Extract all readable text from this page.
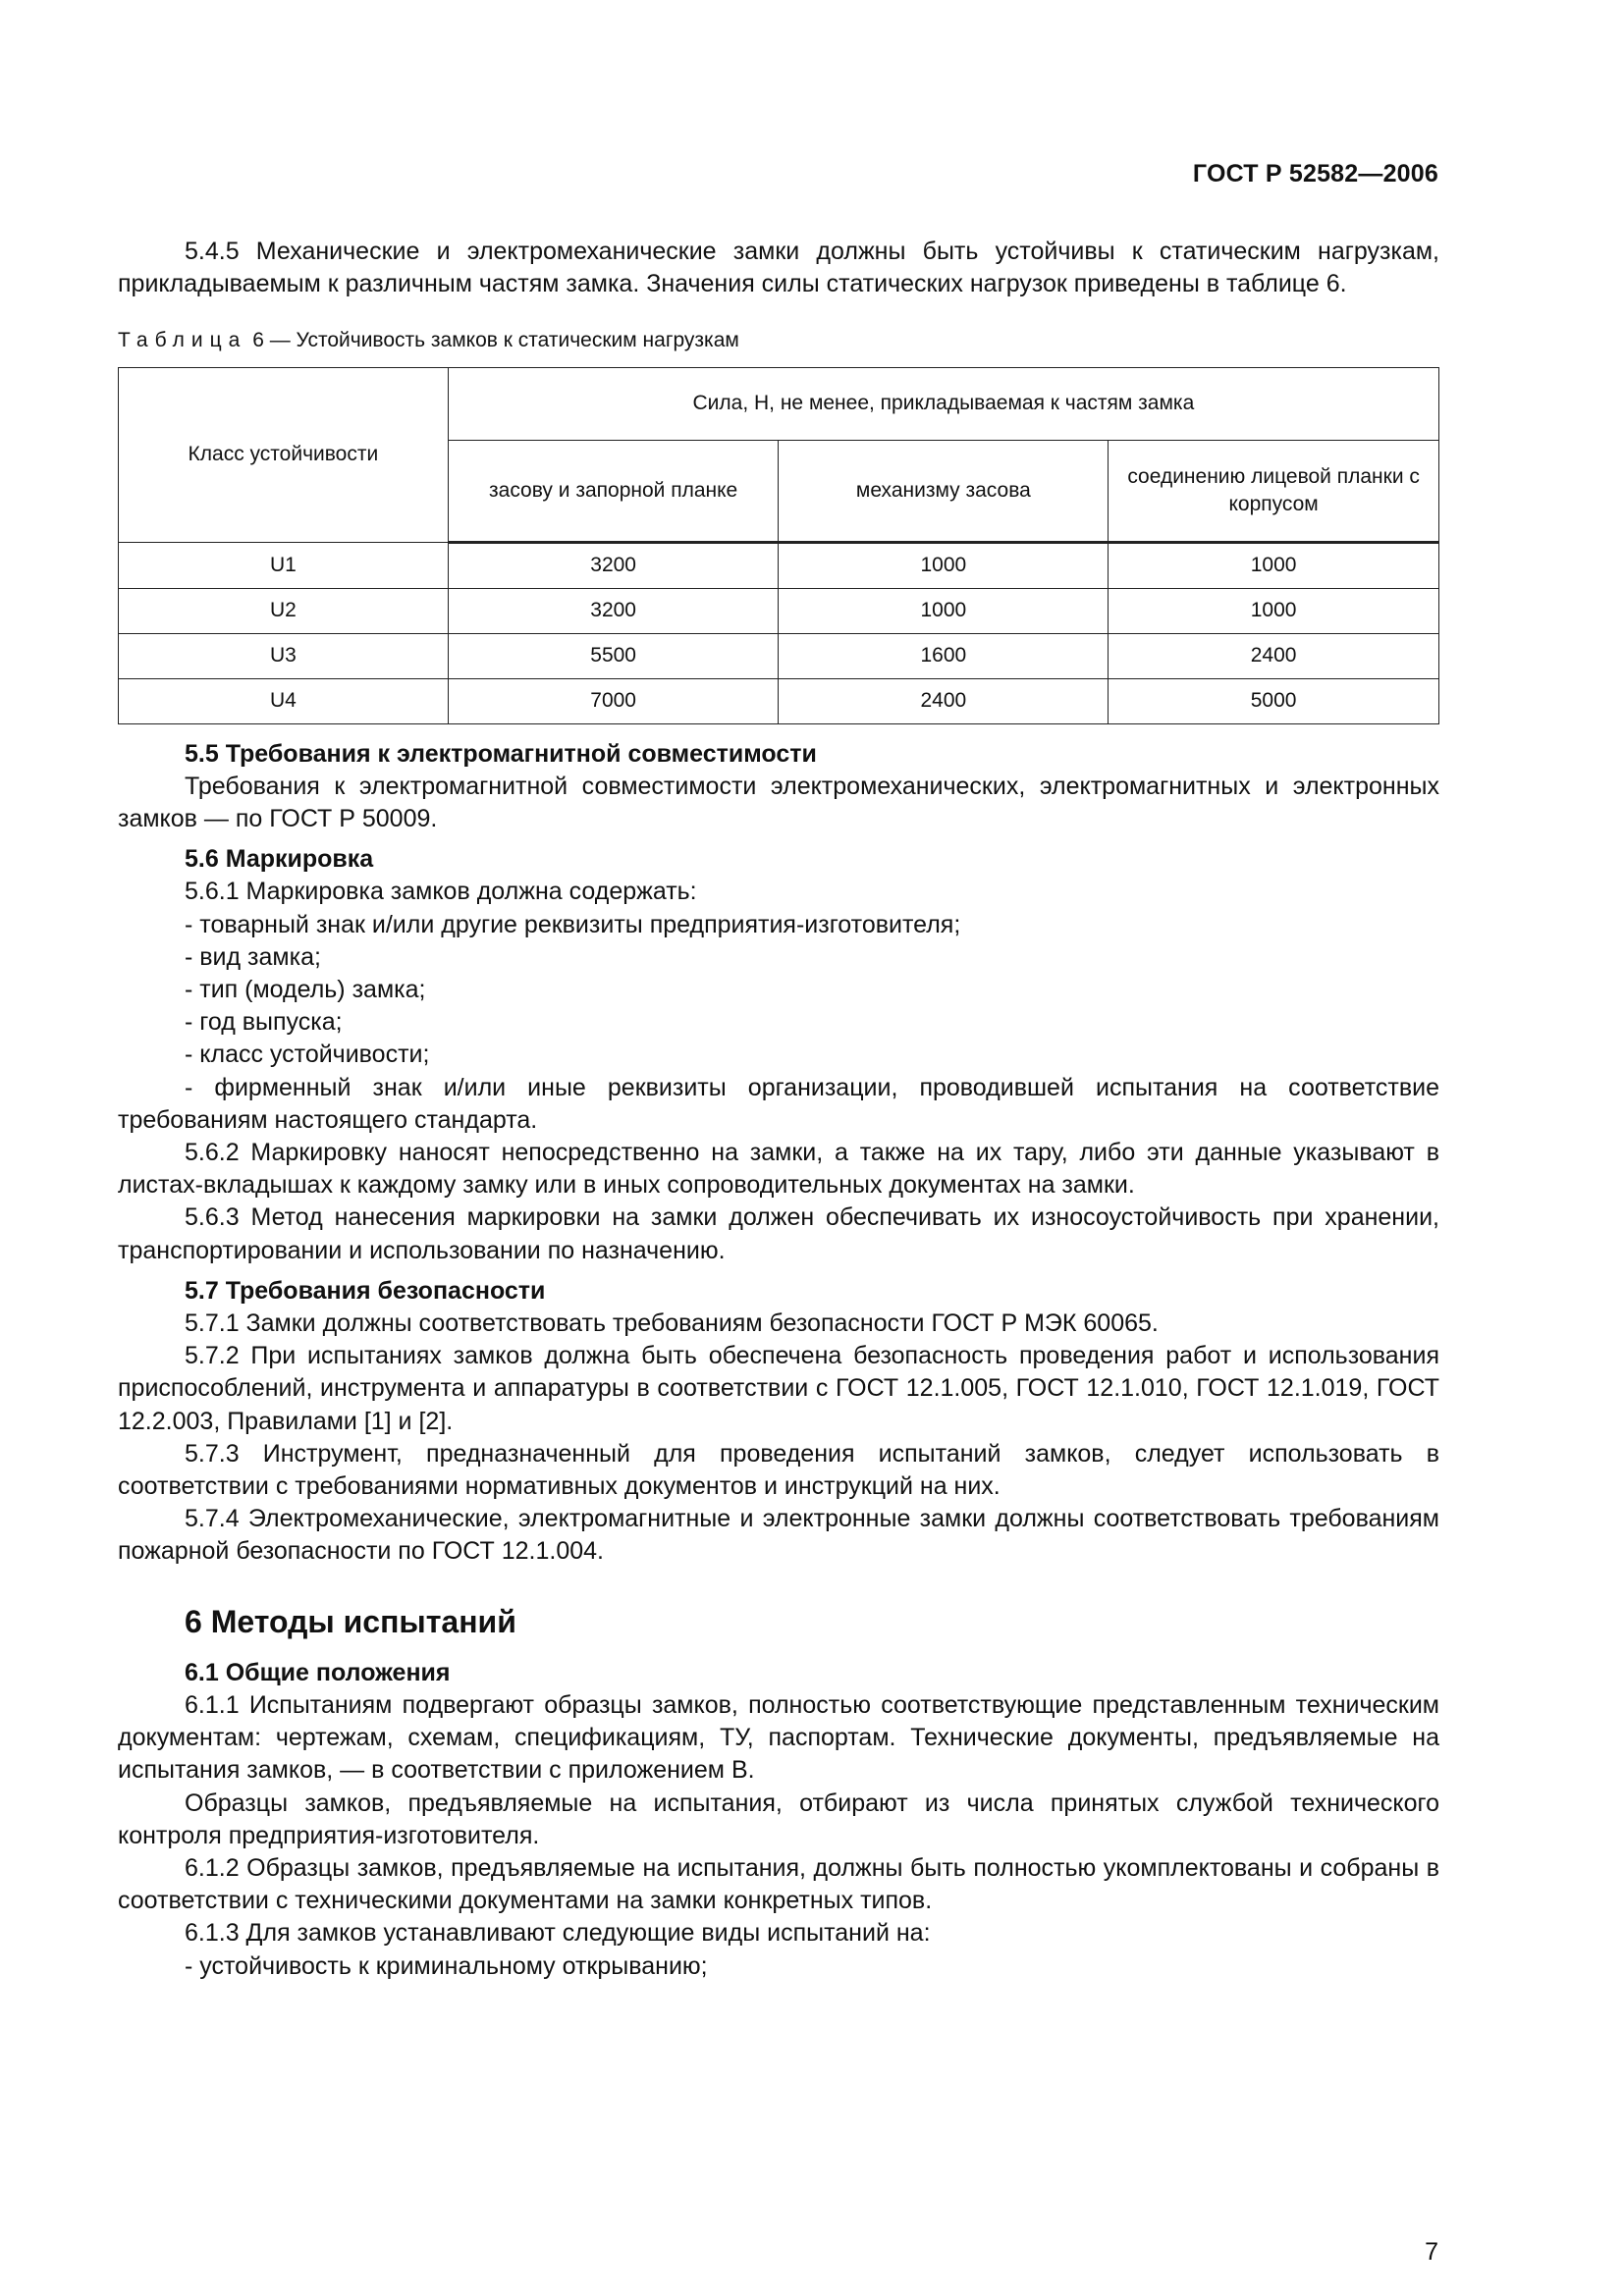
ГОСТ Р 52582—2006

5.4.5 Механические и электромеханические замки должны быть устойчивы к статическим нагрузкам, прикладываемым к различным частям замка. Значения силы статических нагрузок приведены в таблице 6.

Таблица 6 — Устойчивость замков к статическим нагрузкам
Класс устойчивости	Сила, Н, не менее, прикладываемая к частям замка		
	засову и запорной планке	механизму засова	соединению лицевой планки с корпусом
U1	3200	1000	1000
U2	3200	1000	1000
U3	5500	1600	2400
U4	7000	2400	5000

5.5 Требования к электромагнитной совместимости

Требования к электромагнитной совместимости электромеханических, электромагнитных и электронных замков — по ГОСТ Р 50009.

5.6 Маркировка

5.6.1 Маркировка замков должна содержать:

- товарный знак и/или другие реквизиты предприятия-изготовителя;

- вид замка;

- тип (модель) замка;

- год выпуска;

- класс устойчивости;

- фирменный знак и/или иные реквизиты организации, проводившей испытания на соответствие требованиям настоящего стандарта.

5.6.2 Маркировку наносят непосредственно на замки, а также на их тару, либо эти данные указывают в листах-вкладышах к каждому замку или в иных сопроводительных документах на замки.

5.6.3 Метод нанесения маркировки на замки должен обеспечивать их износоустойчивость при хранении, транспортировании и использовании по назначению.

5.7 Требования безопасности

5.7.1 Замки должны соответствовать требованиям безопасности ГОСТ Р МЭК 60065.

5.7.2 При испытаниях замков должна быть обеспечена безопасность проведения работ и использования приспособлений, инструмента и аппаратуры в соответствии с ГОСТ 12.1.005, ГОСТ 12.1.010, ГОСТ 12.1.019, ГОСТ 12.2.003, Правилами [1] и [2].

5.7.3 Инструмент, предназначенный для проведения испытаний замков, следует использовать в соответствии с требованиями нормативных документов и инструкций на них.

5.7.4 Электромеханические, электромагнитные и электронные замки должны соответствовать требованиям пожарной безопасности по ГОСТ 12.1.004.

6 Методы испытаний

6.1 Общие положения

6.1.1 Испытаниям подвергают образцы замков, полностью соответствующие представленным техническим документам: чертежам, схемам, спецификациям, ТУ, паспортам. Технические документы, предъявляемые на испытания замков, — в соответствии с приложением В.

Образцы замков, предъявляемые на испытания, отбирают из числа принятых службой технического контроля предприятия-изготовителя.

6.1.2 Образцы замков, предъявляемые на испытания, должны быть полностью укомплектованы и собраны в соответствии с техническими документами на замки конкретных типов.

6.1.3 Для замков устанавливают следующие виды испытаний на:

- устойчивость к криминальному открыванию;

7
